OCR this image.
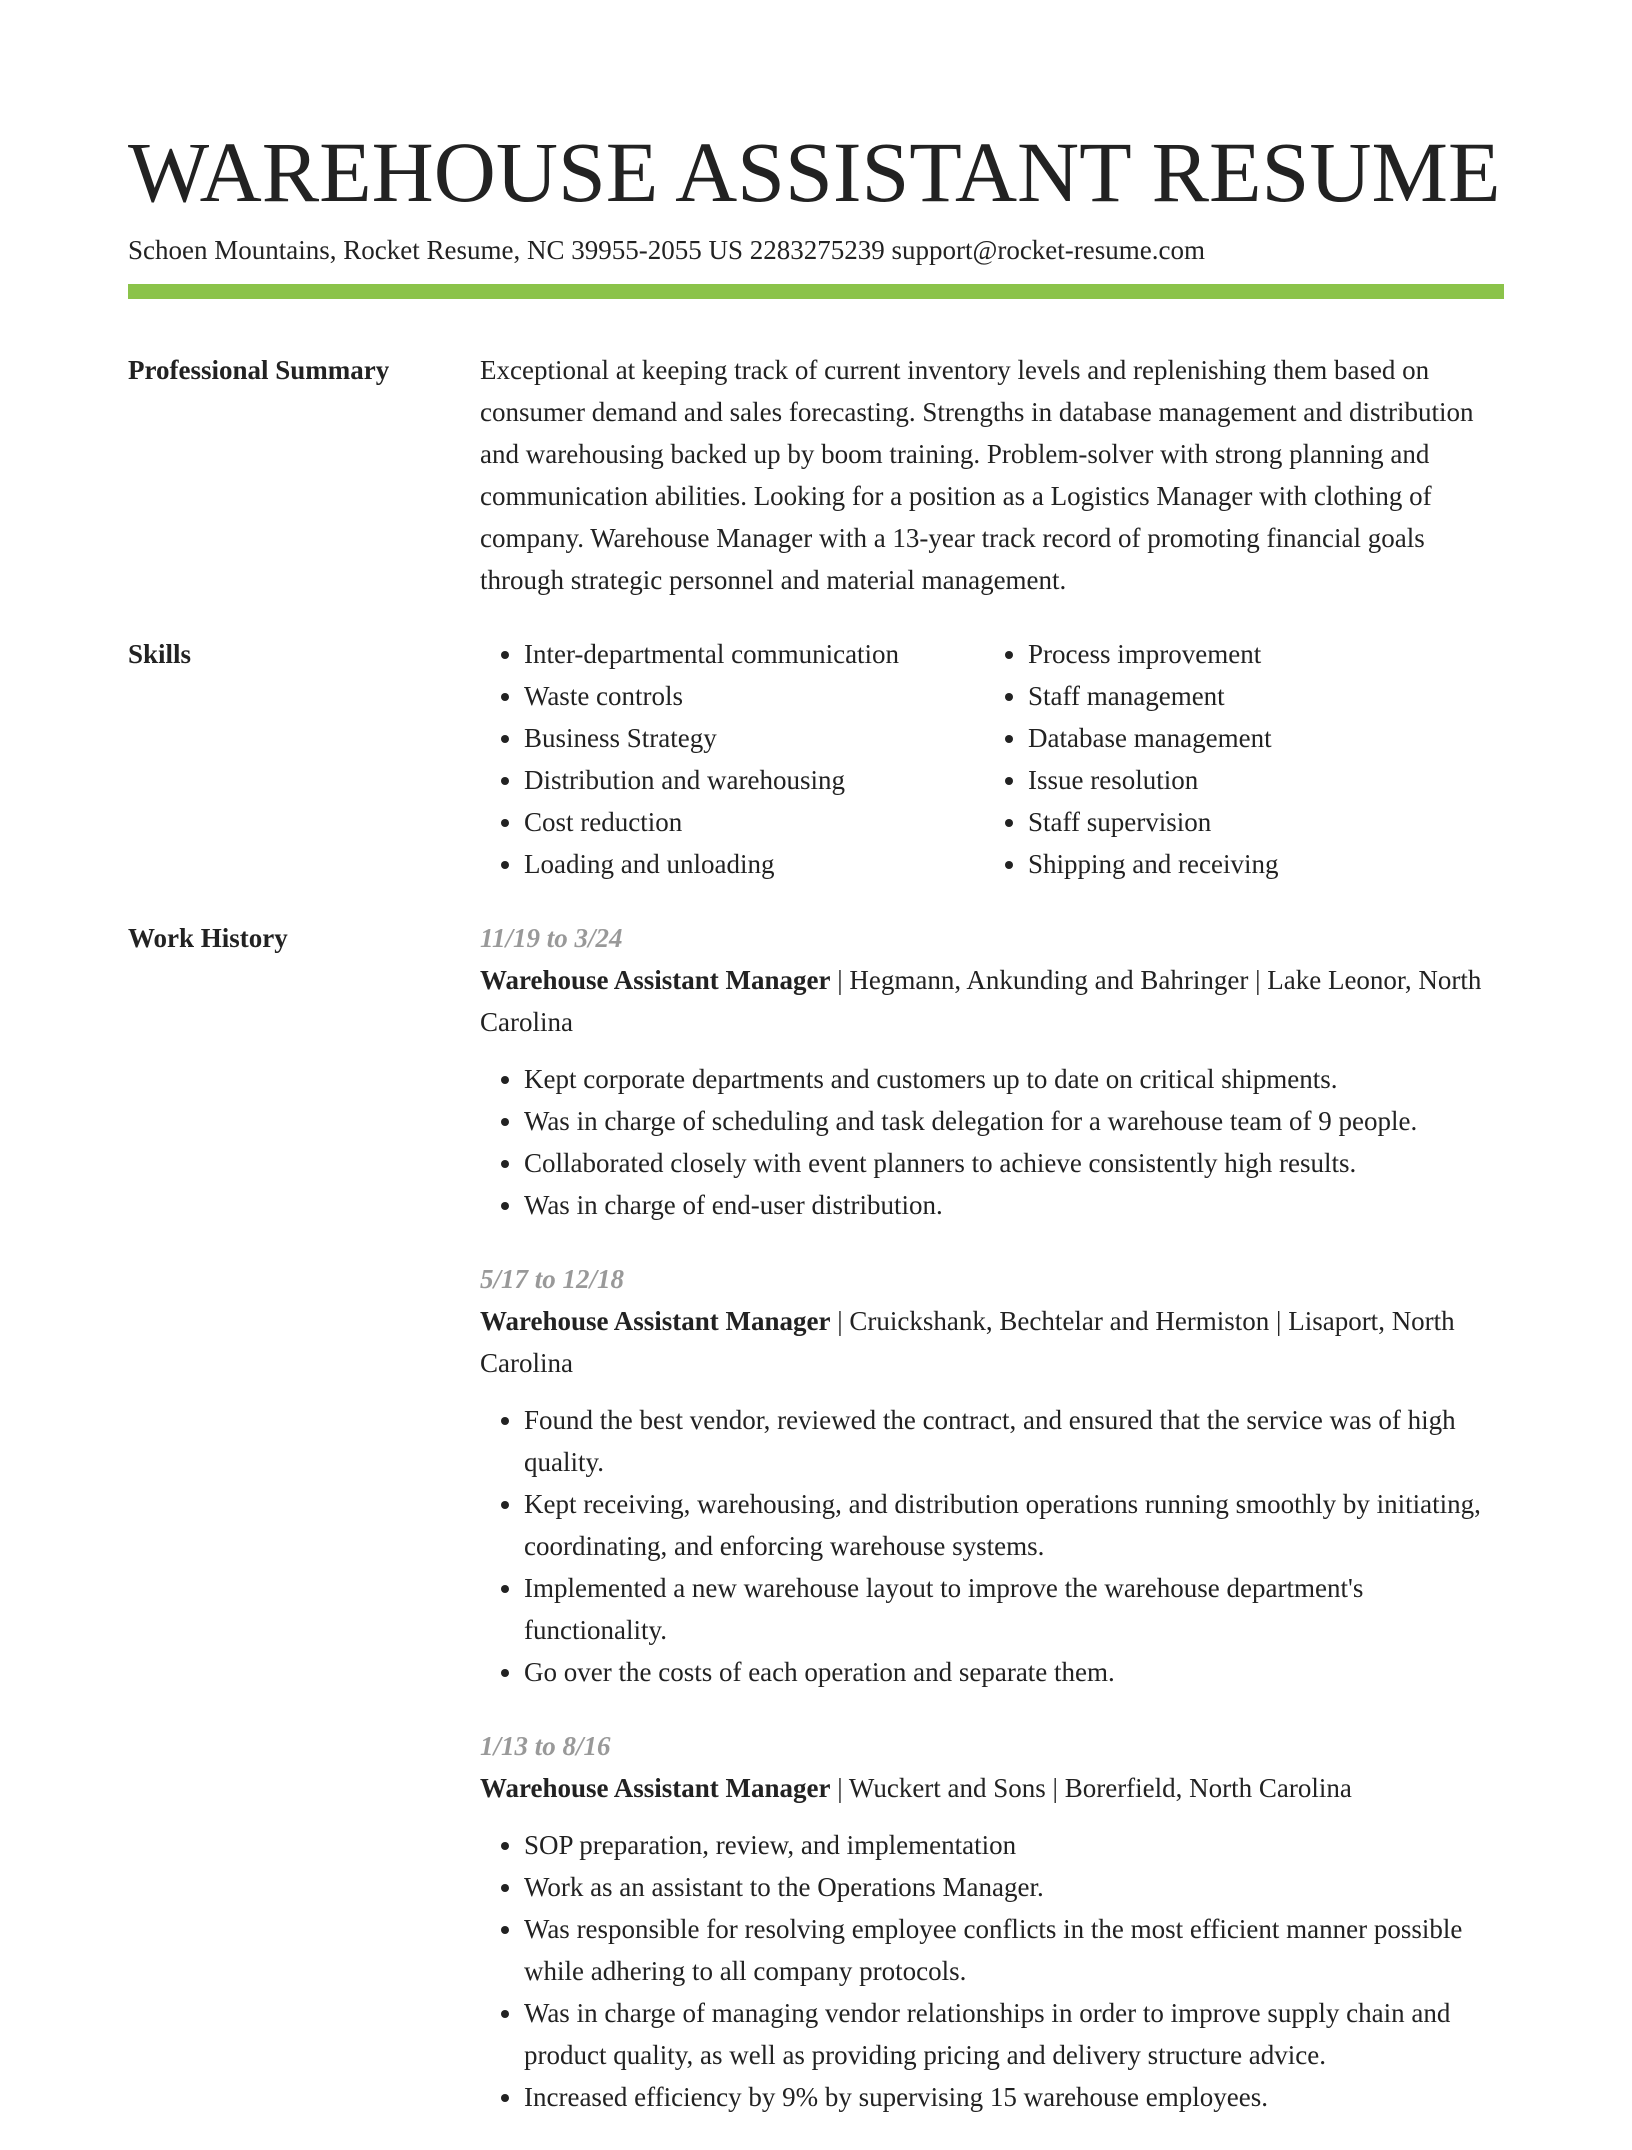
WAREHOUSE ASSISTANT RESUME
Schoen Mountains, Rocket Resume, NC 39955-2055 US 2283275239 support@rocket-resume.com
Professional Summary	Exceptional at keeping track of current inventory levels and replenishing them based on consumer demand and sales forecasting. Strengths in database management and distribution and warehousing backed up by boom training. Problem-solver with strong planning and communication abilities. Looking for a position as a Logistics Manager with clothing of company. Warehouse Manager with a 13-year track record of promoting financial goals through strategic personnel and material management.

Skills
•	Inter-departmental communication
• Waste controls
• Business Strategy
• Distribution and warehousing
• Cost reduction
• Loading and unloading
• Process improvement
• Staff management
• Database management
• Issue resolution
• Staff supervision
• Shipping and receiving
Work History	11/19 to 3/24

Warehouse Assistant Manager | Hegmann, Ankunding and Bahringer | Lake Leonor, North Carolina

• Kept corporate departments and customers up to date on critical shipments.
• Was in charge of scheduling and task delegation for a warehouse team of 9 people.
• Collaborated closely with event planners to achieve consistently high results.
• Was in charge of end-user distribution.
5/17 to 12/18

Warehouse Assistant Manager | Cruickshank, Bechtelar and Hermiston | Lisaport, North Carolina

• Found the best vendor, reviewed the contract, and ensured that the service was of high quality.
• Kept receiving, warehousing, and distribution operations running smoothly by initiating, coordinating, and enforcing warehouse systems.
• Implemented a new warehouse layout to improve the warehouse department's functionality.
• Go over the costs of each operation and separate them.
1/13 to 8/16

Warehouse Assistant Manager | Wuckert and Sons | Borerfield, North Carolina

• SOP preparation, review, and implementation
• Work as an assistant to the Operations Manager.
• Was responsible for resolving employee conflicts in the most efficient manner possible while adhering to all company protocols.
• Was in charge of managing vendor relationships in order to improve supply chain and product quality, as well as providing pricing and delivery structure advice.
• Increased efficiency by 9% by supervising 15 warehouse employees.
